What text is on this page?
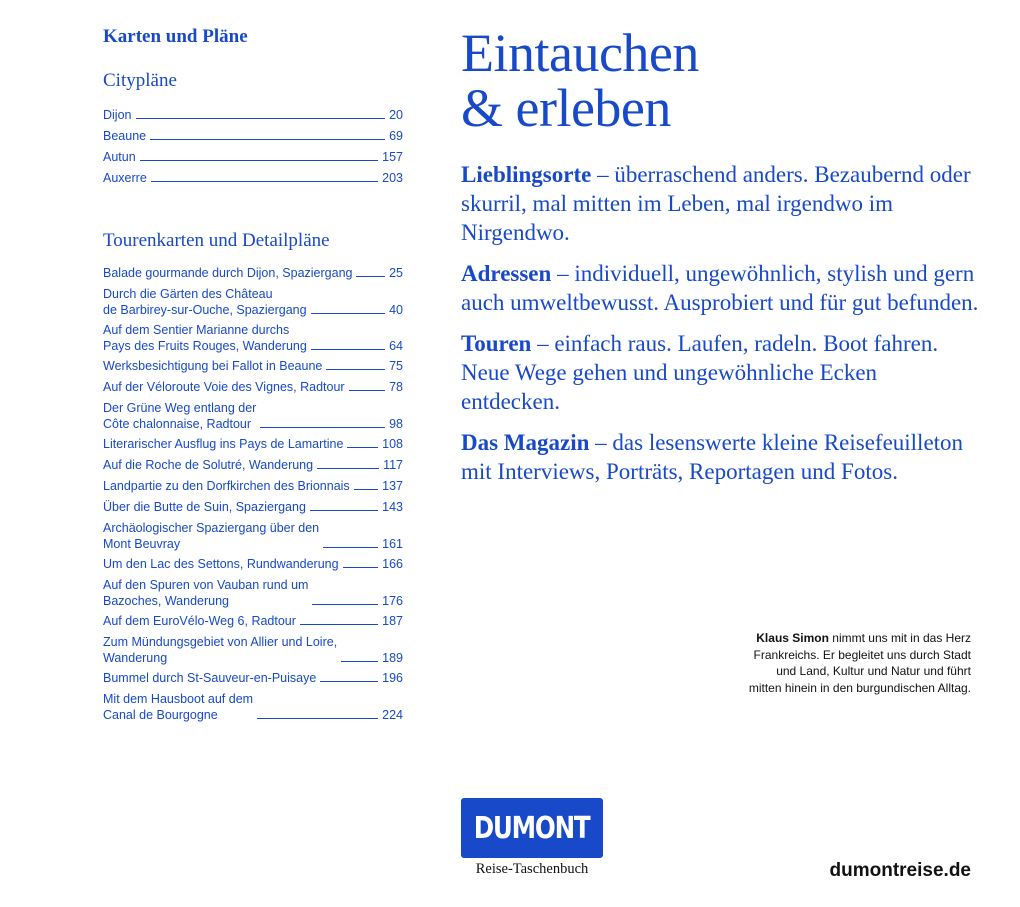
Karten und Pläne
Citypläne
Dijon	20
Beaune	69
Autun	157
Auxerre	203
Tourenkarten und Detailpläne
Balade gourmande durch Dijon, Spaziergang	25
Durch die Gärten des Château
de Barbirey-sur-Ouche, Spaziergang	40
Auf dem Sentier Marianne durchs
Pays des Fruits Rouges, Wanderung	64
Werksbesichtigung bei Fallot in Beaune	75
Auf der Véloroute Voie des Vignes, Radtour	78
Der Grüne Weg entlang der
Côte chalonnaise, Radtour	98
Literarischer Ausflug ins Pays de Lamartine	108
Auf die Roche de Solutré, Wanderung	117
Landpartie zu den Dorfkirchen des Brionnais	137
Über die Butte de Suin, Spaziergang	143
Archäologischer Spaziergang über den
Mont Beuvray	161
Um den Lac des Settons, Rundwanderung	166
Auf den Spuren von Vauban rund um
Bazoches, Wanderung	176
Auf dem EuroVélo-Weg 6, Radtour	187
Zum Mündungsgebiet von Allier und Loire,
Wanderung	189
Bummel durch St-Sauveur-en-Puisaye	196
Mit dem Hausboot auf dem
Canal de Bourgogne	224
Eintauchen
& erleben
Lieblingsorte – überraschend anders. Bezaubernd oder skurril, mal mitten im Leben, mal irgendwo im Nirgendwo.
Adressen – individuell, ungewöhnlich, stylish und gern auch umweltbewusst. Ausprobiert und für gut befunden.
Touren – einfach raus. Laufen, radeln. Boot fahren. Neue Wege gehen und ungewöhnliche Ecken entdecken.
Das Magazin – das lesenswerte kleine Reisefeuilleton mit Interviews, Porträts, Reportagen und Fotos.
Klaus Simon nimmt uns mit in das Herz Frankreichs. Er begleitet uns durch Stadt und Land, Kultur und Natur und führt mitten hinein in den burgundischen Alltag.
DUMONT
Reise-Taschenbuch	dumontreise.de
